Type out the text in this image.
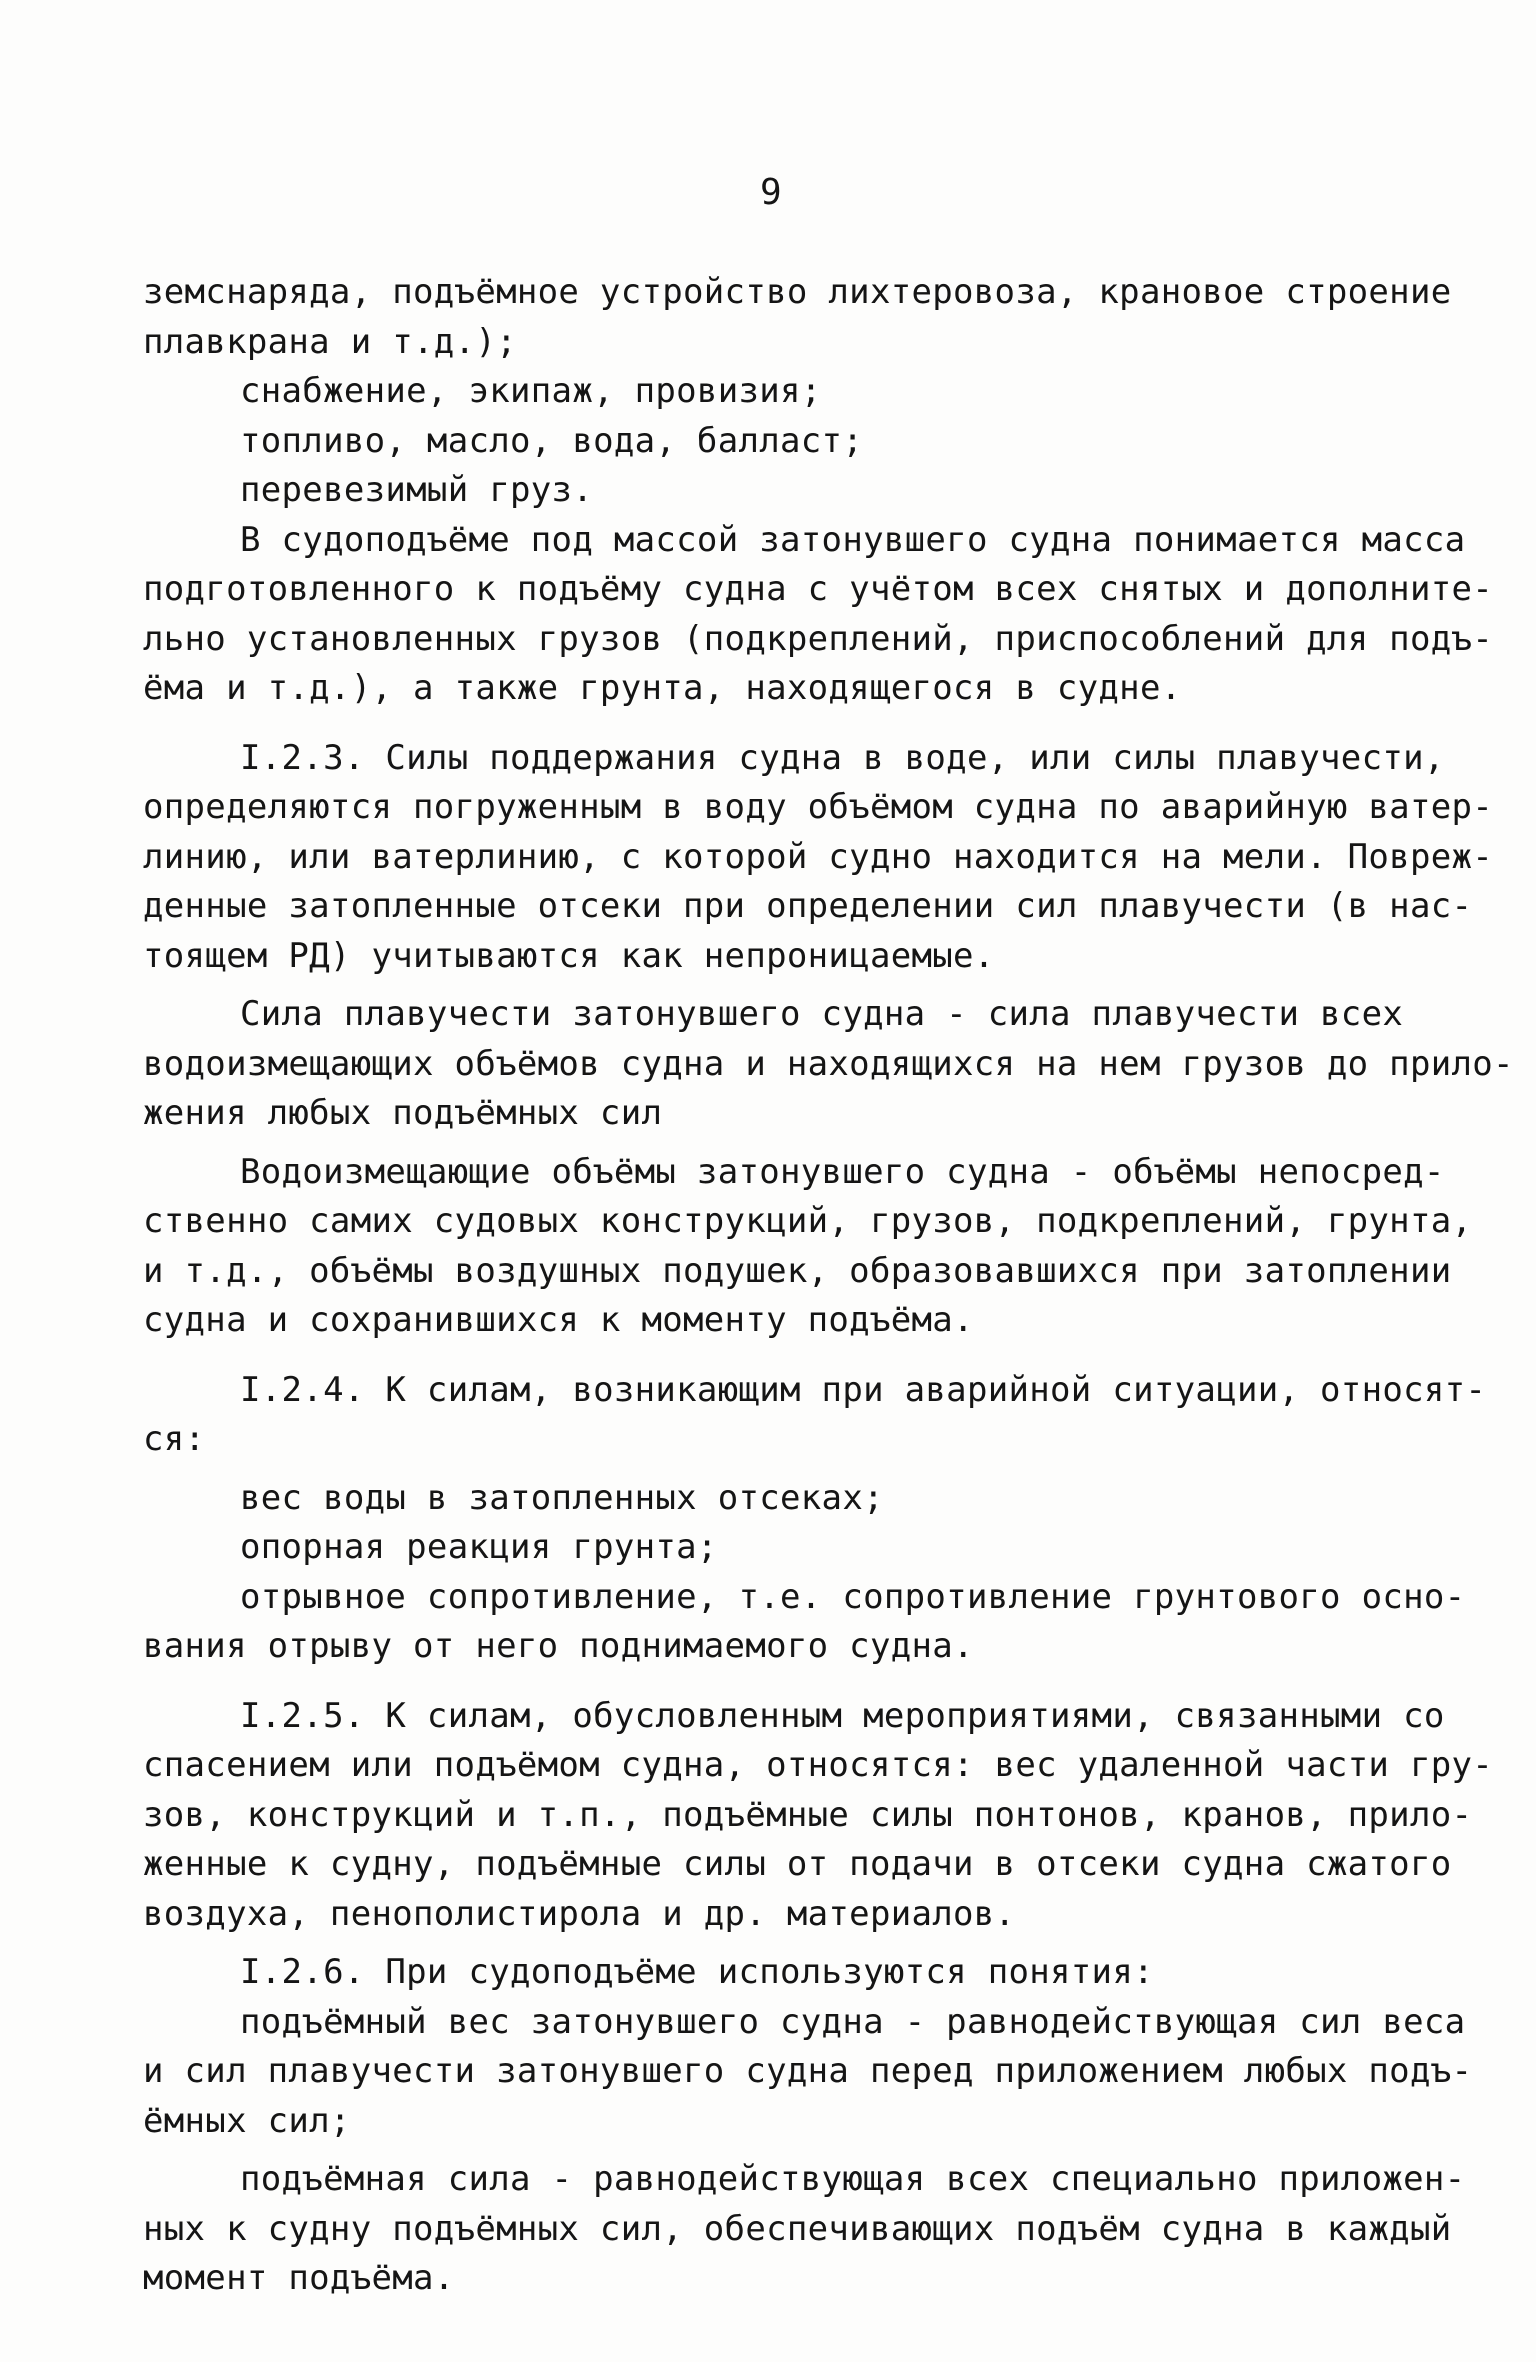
9
земснаряда, подъёмное устройство лихтеровоза, крановое строение
плавкрана и т.д.);
снабжение, экипаж, провизия;
топливо, масло, вода, балласт;
перевезимый груз.
В судоподъёме под массой затонувшего судна понимается масса
подготовленного к подъёму судна с учётом всех снятых и дополните-
льно установленных грузов (подкреплений, приспособлений для подъ-
ёма и т.д.), а также грунта, находящегося в судне.
I.2.3. Силы поддержания судна в воде, или силы плавучести,
определяются погруженным в воду объёмом судна по аварийную ватер-
линию, или ватерлинию, с которой судно находится на мели. Повреж-
денные затопленные отсеки при определении сил плавучести (в нас-
тоящем РД) учитываются как непроницаемые.
Сила плавучести затонувшего судна - сила плавучести всех
водоизмещающих объёмов судна и находящихся на нем грузов до прило-
жения любых подъёмных сил
Водоизмещающие объёмы затонувшего судна - объёмы непосред-
ственно самих судовых конструкций, грузов, подкреплений, грунта,
и т.д., объёмы воздушных подушек, образовавшихся при затоплении
судна и сохранившихся к моменту подъёма.
I.2.4. К силам, возникающим при аварийной ситуации, относят-
ся:
вес воды в затопленных отсеках;
опорная реакция грунта;
отрывное сопротивление, т.е. сопротивление грунтового осно-
вания отрыву от него поднимаемого судна.
I.2.5. К силам, обусловленным мероприятиями, связанными со
спасением или подъёмом судна, относятся: вес удаленной части гру-
зов, конструкций и т.п., подъёмные силы понтонов, кранов, прило-
женные к судну, подъёмные силы от подачи в отсеки судна сжатого
воздуха, пенополистирола и др. материалов.
I.2.6. При судоподъёме используются понятия:
подъёмный вес затонувшего судна - равнодействующая сил веса
и сил плавучести затонувшего судна перед приложением любых подъ-
ёмных сил;
подъёмная сила - равнодействующая всех специально приложен-
ных к судну подъёмных сил, обеспечивающих подъём судна в каждый
момент подъёма.
